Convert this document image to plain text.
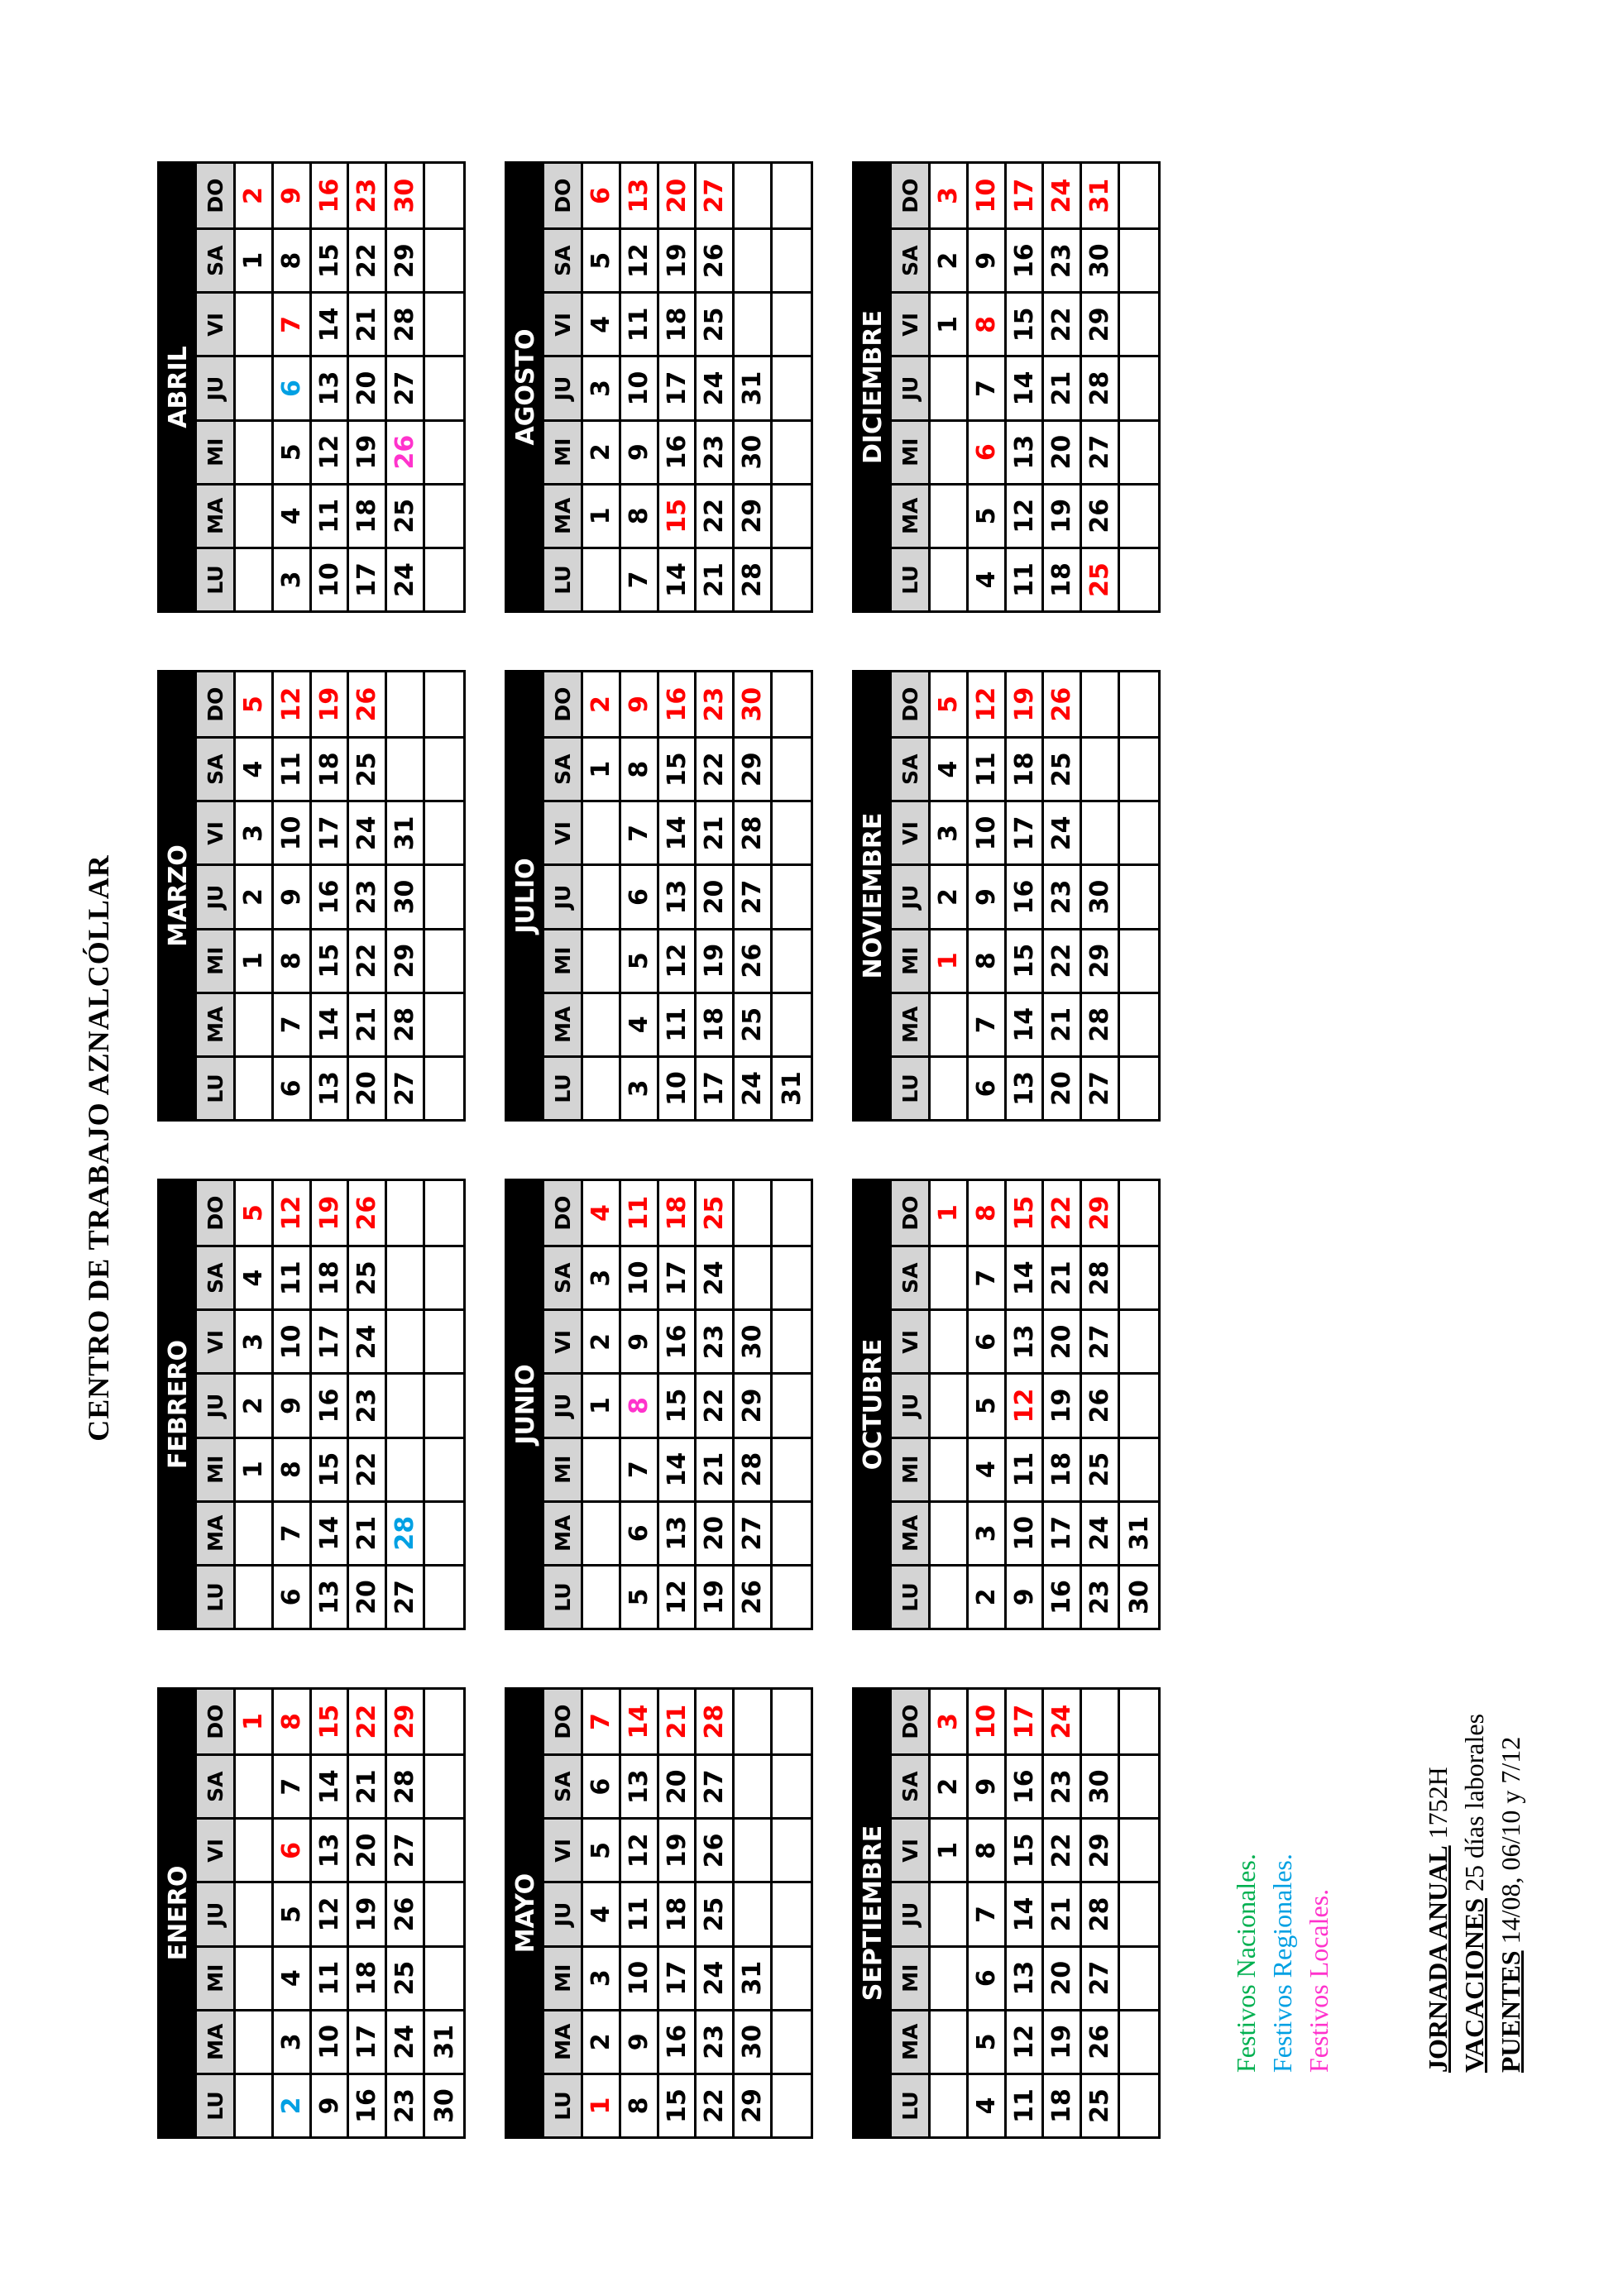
CENTRO DE TRABAJO AZNALCÓLLAR
ENERO
LU
MA
MI
JU
VI
SA
DO 1
2
3
4
5
6
7
8
9
10
11
12
13
14
15
16
17
18
19
20
21
22
23
24
25
26
27
28
29
30
31
FEBRERO
LU
MA
MI
JU
VI
SA
DO
1
2
3
4
5
6
7
8
9
10
11
12
13
14
15
16
17
18
19
20
21
22
23
24
25
26
27
28
MARZO
LU
MA
MI
JU
VI
SA
DO
1
2
3
4
5
6
7
8
9
10
11
12
13
14
15
16
17
18
19
20
21
22
23
24
25
26
27
28
29
30
31
ABRIL
LU
MA
MI
JU
VI
SA
DO
1
2
3
4
5
6
7
8
9
10
11
12
13
14
15
16
17
18
19
20
21
22
23
24
25
26
27
28
29
30
MAYO
LU
MA
MI
JU
VI
SA
DO
1
2
3
4
5
6
7
8
9
10
11
12
13
14
15
16
17
18
19
20
21
22
23
24
25
26
27
28
29
30
31
JUNIO
LU
MA
MI
JU
VI
SA
DO
1
2
3
4
5
6
7
8
9
10
11
12
13
14
15
16
17
18
19
20
21
22
23
24
25
26
27
28
29
30
JULIO
LU
MA
MI
JU
VI
SA
DO
1
2
3
4
5
6
7
8
9
10
11
12
13
14
15
16
17
18
19
20
21
22
23
24
25
26
27
28
29
30
31
AGOSTO
LU
MA
MI
JU
VI
SA
DO
1
2
3
4
5
6
7
8
9
10
11
12
13
14
15
16
17
18
19
20
21
22
23
24
25
26
27
28
29
30
31
SEPTIEMBRE
LU
MA
MI
JU
VI
SA
DO
1
2
3
4
5
6
7
8
9
10
11
12
13
14
15
16
17
18
19
20
21
22
23
24
25
26
27
28
29
30
OCTUBRE
LU
MA
MI
JU
VI
SA
DO 1
2
3
4
5
6
7
8
9
10
11
12
13
14
15
16
17
18
19
20
21
22
23
24
25
26
27
28
29
30
31
NOVIEMBRE
LU
MA
MI
JU
VI
SA
DO
1
2
3
4
5
6
7
8
9
10
11
12
13
14
15
16
17
18
19
20
21
22
23
24
25
26
27
28
29
30
DICIEMBRE
LU
MA
MI
JU
VI
SA
DO
1
2
3
4
5
6
7
8
9
10
11
12
13
14
15
16
17
18
19
20
21
22
23
24
25
26
27
28
29
30
31
Festivos Nacionales. Festivos Regionales. Festivos Locales.	JORNADA ANUAL 1752H
VACACIONES 25 días laborales
PUENTES 14/08, 06/10 y 7/12
